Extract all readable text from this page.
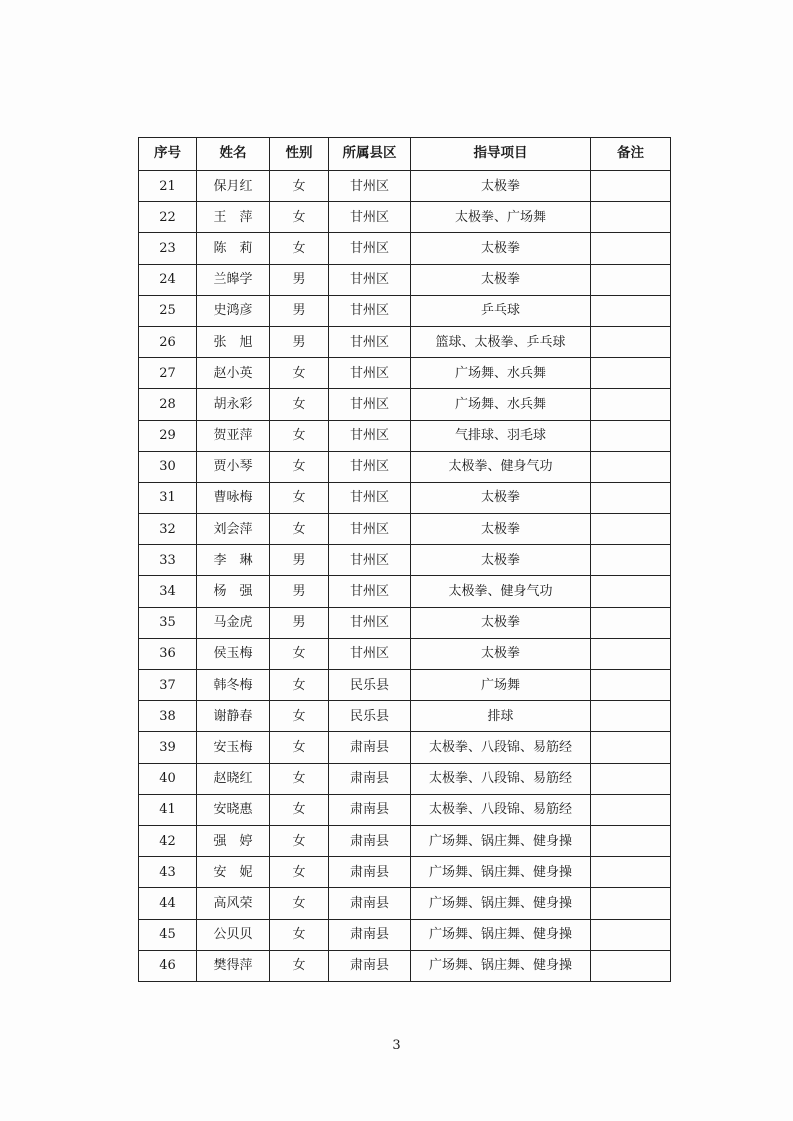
序号	姓名	性别	所属县区	指导项目	备注
21	保月红	女	甘州区	太极拳	
22	王　萍	女	甘州区	太极拳、广场舞	
23	陈　莉	女	甘州区	太极拳	
24	兰皞学	男	甘州区	太极拳	
25	史鸿彦	男	甘州区	乒乓球	
26	张　旭	男	甘州区	篮球、太极拳、乒乓球	
27	赵小英	女	甘州区	广场舞、水兵舞	
28	胡永彩	女	甘州区	广场舞、水兵舞	
29	贺亚萍	女	甘州区	气排球、羽毛球	
30	贾小琴	女	甘州区	太极拳、健身气功	
31	曹咏梅	女	甘州区	太极拳	
32	刘会萍	女	甘州区	太极拳	
33	李　琳	男	甘州区	太极拳	
34	杨　强	男	甘州区	太极拳、健身气功	
35	马金虎	男	甘州区	太极拳	
36	侯玉梅	女	甘州区	太极拳	
37	韩冬梅	女	民乐县	广场舞	
38	谢静春	女	民乐县	排球	
39	安玉梅	女	肃南县	太极拳、八段锦、易筋经	
40	赵晓红	女	肃南县	太极拳、八段锦、易筋经	
41	安晓惠	女	肃南县	太极拳、八段锦、易筋经	
42	强　婷	女	肃南县	广场舞、锅庄舞、健身操	
43	安　妮	女	肃南县	广场舞、锅庄舞、健身操	
44	高风荣	女	肃南县	广场舞、锅庄舞、健身操	
45	公贝贝	女	肃南县	广场舞、锅庄舞、健身操	
46	樊得萍	女	肃南县	广场舞、锅庄舞、健身操	
3
